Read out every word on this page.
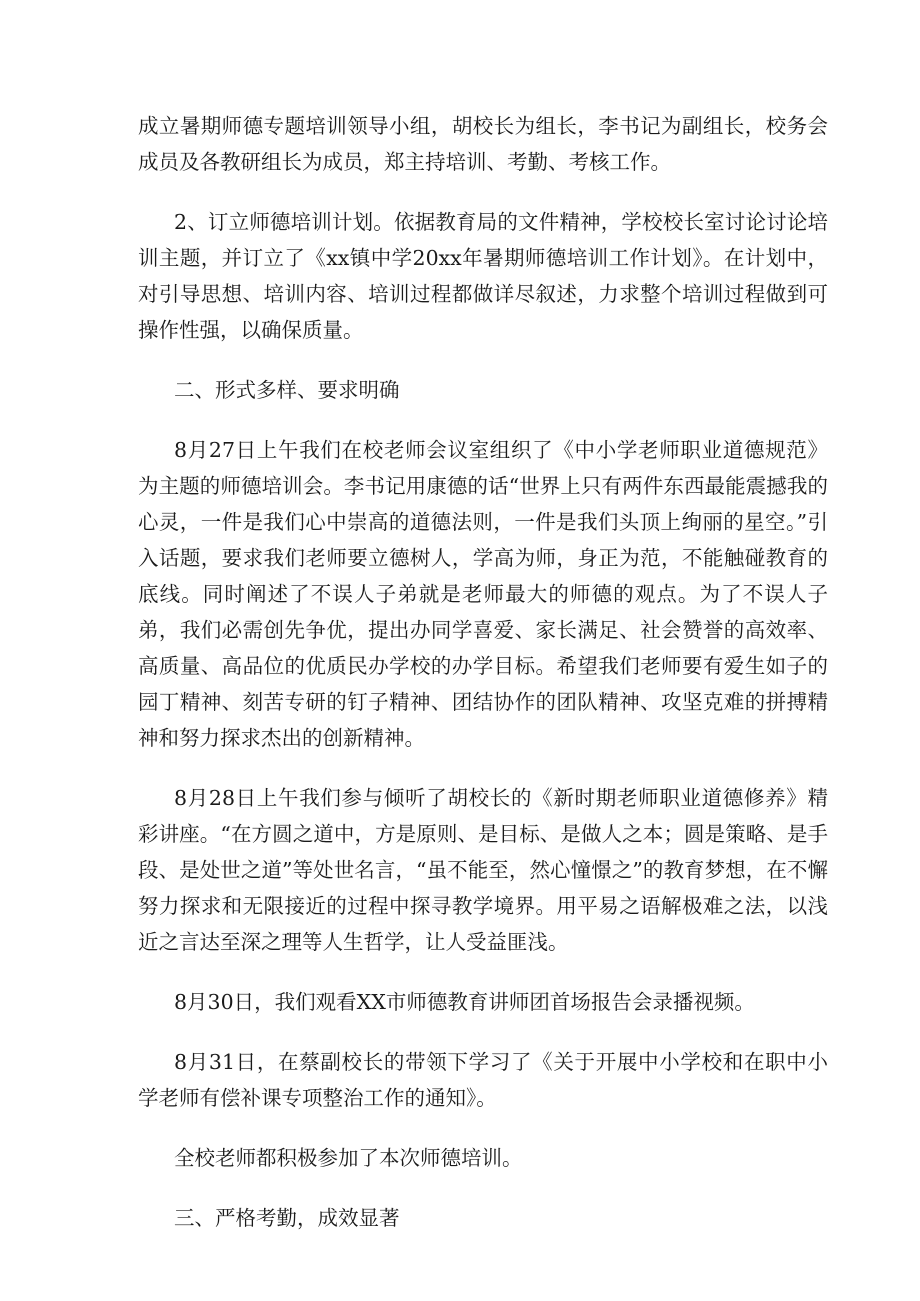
成立暑期师德专题培训领导小组，胡校长为组长，李书记为副组长，校务会成员及各教研组长为成员，郑主持培训、考勤、考核工作。

2、订立师德培训计划。依据教育局的文件精神，学校校长室讨论讨论培训主题，并订立了《xx镇中学20xx年暑期师德培训工作计划》。在计划中，对引导思想、培训内容、培训过程都做详尽叙述，力求整个培训过程做到可操作性强，以确保质量。

二、形式多样、要求明确

8月27日上午我们在校老师会议室组织了《中小学老师职业道德规范》为主题的师德培训会。李书记用康德的话“世界上只有两件东西最能震撼我的心灵，一件是我们心中崇高的道德法则，一件是我们头顶上绚丽的星空。”引入话题，要求我们老师要立德树人，学高为师，身正为范，不能触碰教育的底线。同时阐述了不误人子弟就是老师最大的师德的观点。为了不误人子弟，我们必需创先争优，提出办同学喜爱、家长满足、社会赞誉的高效率、高质量、高品位的优质民办学校的办学目标。希望我们老师要有爱生如子的园丁精神、刻苦专研的钉子精神、团结协作的团队精神、攻坚克难的拼搏精神和努力探求杰出的创新精神。

8月28日上午我们参与倾听了胡校长的《新时期老师职业道德修养》精彩讲座。“在方圆之道中，方是原则、是目标、是做人之本；圆是策略、是手段、是处世之道”等处世名言，“虽不能至，然心憧憬之”的教育梦想，在不懈努力探求和无限接近的过程中探寻教学境界。用平易之语解极难之法，以浅近之言达至深之理等人生哲学，让人受益匪浅。

8月30日，我们观看XX市师德教育讲师团首场报告会录播视频。

8月31日，在蔡副校长的带领下学习了《关于开展中小学校和在职中小学老师有偿补课专项整治工作的通知》。

全校老师都积极参加了本次师德培训。

三、严格考勤，成效显著
